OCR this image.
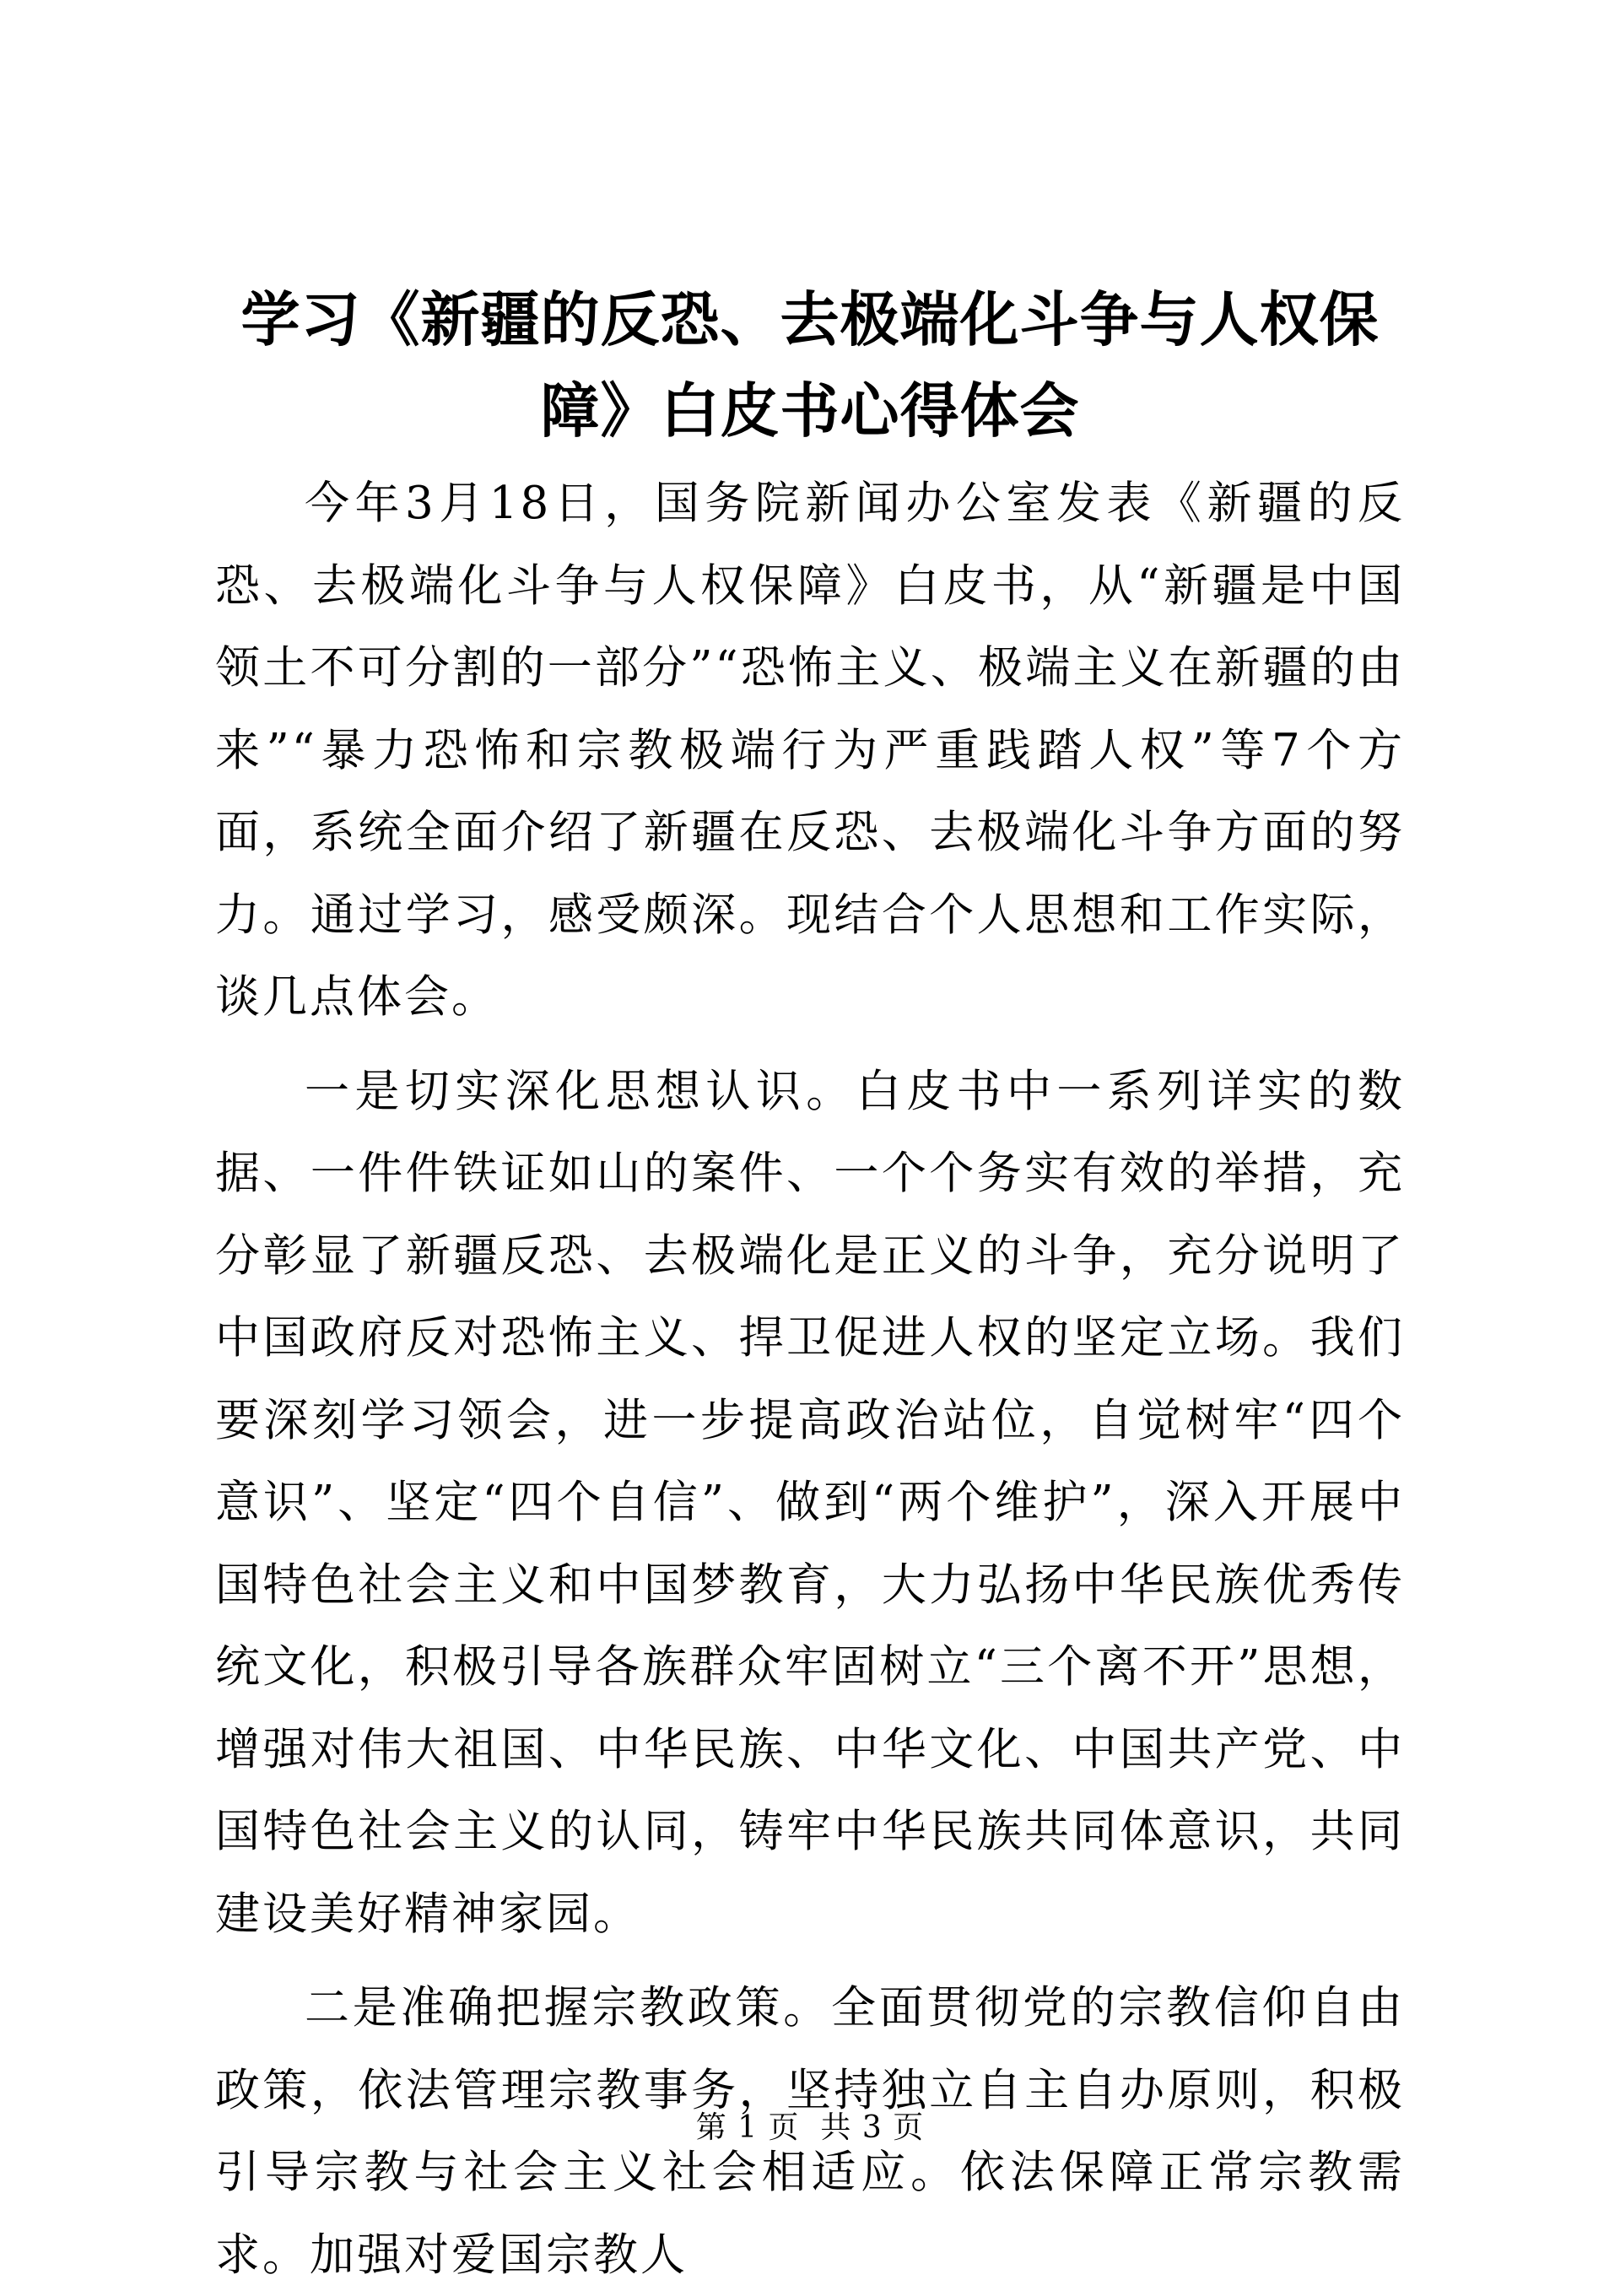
学习《新疆的反恐、去极端化斗争与人权保障》白皮书心得体会

今年3月18日，国务院新闻办公室发表《新疆的反恐、去极端化斗争与人权保障》白皮书，从“新疆是中国领土不可分割的一部分”“恐怖主义、极端主义在新疆的由来”“暴力恐怖和宗教极端行为严重践踏人权”等7个方面，系统全面介绍了新疆在反恐、去极端化斗争方面的努力。通过学习，感受颇深。现结合个人思想和工作实际，谈几点体会。

一是切实深化思想认识。白皮书中一系列详实的数据、一件件铁证如山的案件、一个个务实有效的举措，充分彰显了新疆反恐、去极端化是正义的斗争，充分说明了中国政府反对恐怖主义、捍卫促进人权的坚定立场。我们要深刻学习领会，进一步提高政治站位，自觉树牢“四个意识”、坚定“四个自信”、做到“两个维护”，深入开展中国特色社会主义和中国梦教育，大力弘扬中华民族优秀传统文化，积极引导各族群众牢固树立“三个离不开”思想，增强对伟大祖国、中华民族、中华文化、中国共产党、中国特色社会主义的认同，铸牢中华民族共同体意识，共同建设美好精神家园。

二是准确把握宗教政策。全面贯彻党的宗教信仰自由政策，依法管理宗教事务，坚持独立自主自办原则，积极引导宗教与社会主义社会相适应。依法保障正常宗教需求。加强对爱国宗教人

第 1 页  共 3 页
